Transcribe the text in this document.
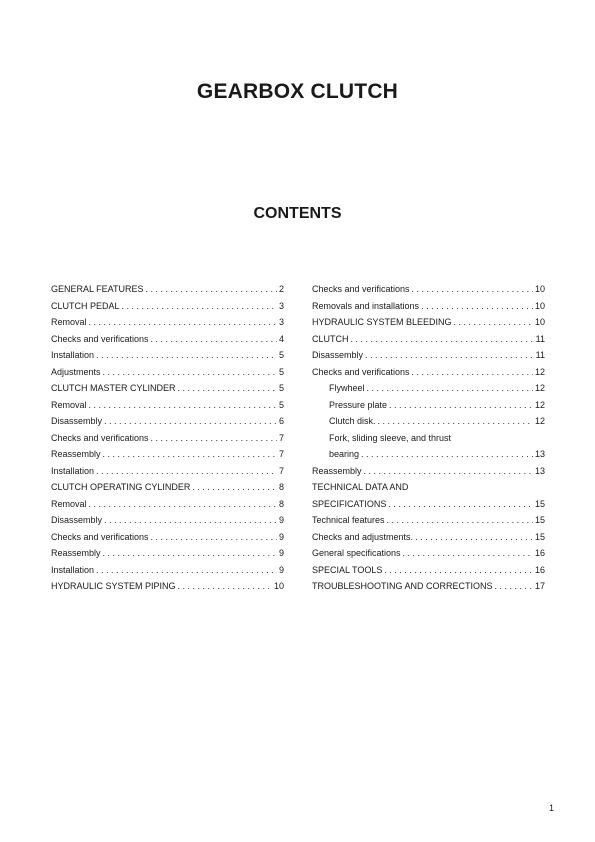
GEARBOX CLUTCH
CONTENTS
GENERAL FEATURES . . .	2
CLUTCH PEDAL . . .	3
Removal . . .	3
Checks and verifications . . .	4
Installation . . .	5
Adjustments . . .	5
CLUTCH MASTER CYLINDER . . .	5
Removal . . .	5
Disassembly . . .	6
Checks and verifications . . .	7
Reassembly . . .	7
Installation . . .	7
CLUTCH OPERATING CYLINDER . . .	8
Removal . . .	8
Disassembly . . .	9
Checks and verifications . . .	9
Reassembly . . .	9
Installation . . .	9
HYDRAULIC SYSTEM PIPING . . .	10
Checks and verifications . . .	10
Removals and installations . . .	10
HYDRAULIC SYSTEM BLEEDING . . .	10
CLUTCH . . .	11
Disassembly . . .	11
Checks and verifications . . .	12
Flywheel . . .	12
Pressure plate . . .	12
Clutch disk. . . .	12
Fork, sliding sleeve, and thrust
bearing . . .	13
Reassembly . . .	13
TECHNICAL DATA AND
SPECIFICATIONS . . .	15
Technical features . . .	15
Checks and adjustments. . . .	15
General specifications . . .	16
SPECIAL TOOLS . . .	16
TROUBLESHOOTING AND CORRECTIONS . . .	17
1
